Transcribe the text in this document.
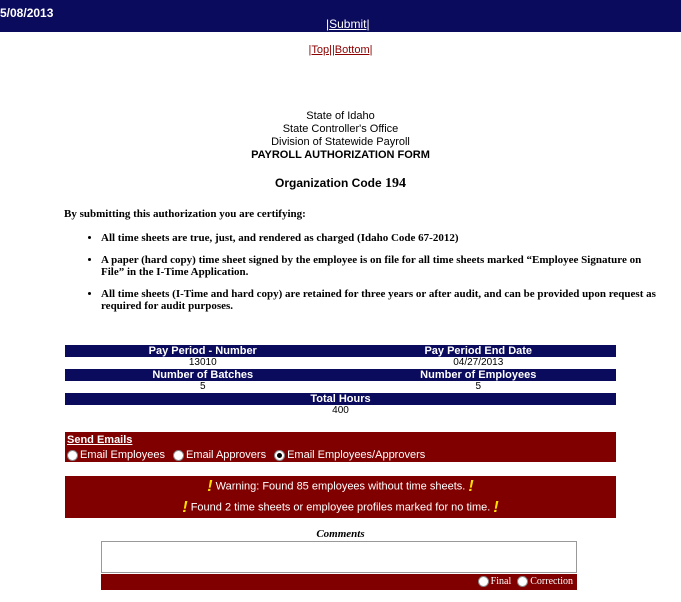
5/08/2013
|Submit|
|Top||Bottom|
State of Idaho
State Controller's Office
Division of Statewide Payroll
PAYROLL AUTHORIZATION FORM
Organization Code 194
By submitting this authorization you are certifying:
• All time sheets are true, just, and rendered as charged (Idaho Code 67-2012)
• A paper (hard copy) time sheet signed by the employee is on file for all time sheets marked “Employee Signature on File” in the I-Time Application.
• All time sheets (I-Time and hard copy) are retained for three years or after audit, and can be provided upon request as required for audit purposes.
Pay Period - Number	Pay Period End Date
13010	04/27/2013
Number of Batches	Number of Employees
5	5
Total Hours
400
Send Emails
Email Employees	Email Approvers	Email Employees/Approvers
! Warning: Found 85 employees without time sheets. !
! Found 2 time sheets or employee profiles marked for no time. !
Comments
Final	Correction
